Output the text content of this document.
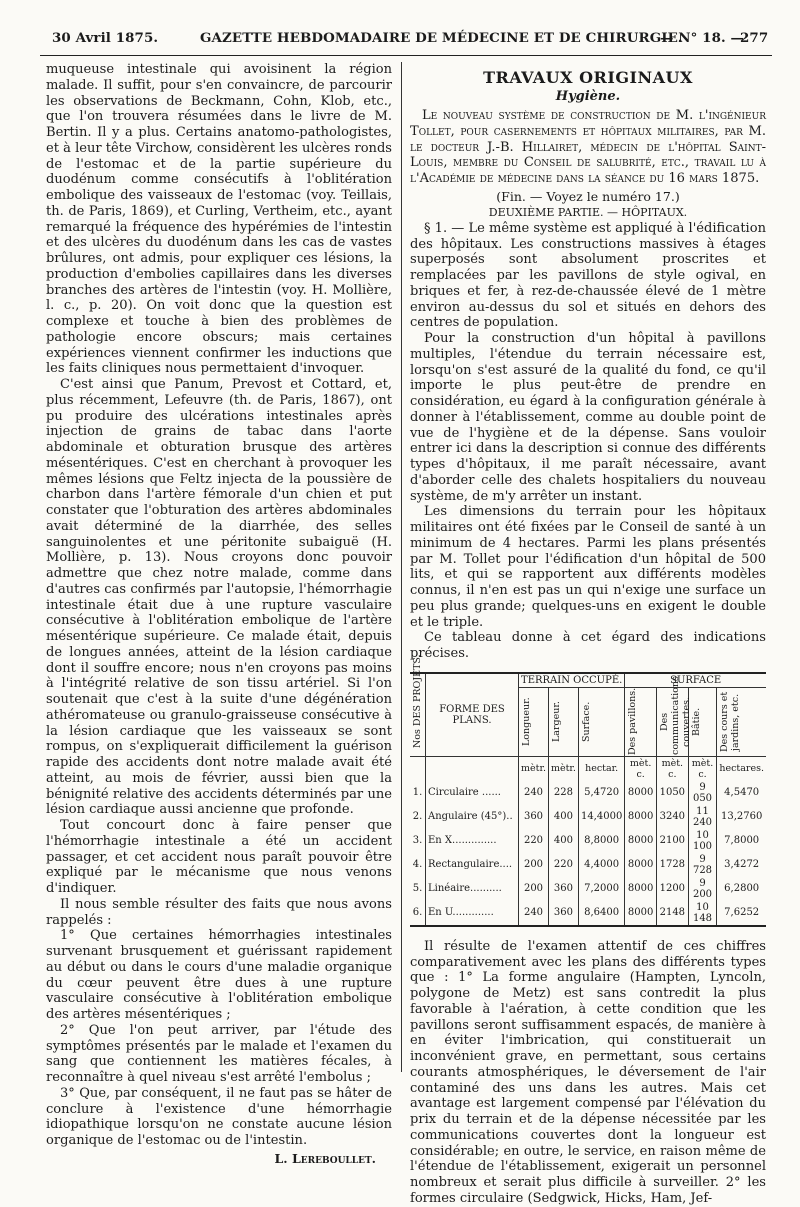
30 Avril 1875.	GAZETTE HEBDOMADAIRE DE MÉDECINE ET DE CHIRURGIE.
— N° 18. —
277

muqueuse intestinale qui avoisinent la région malade. Il suffit, pour s'en convaincre, de parcourir les observations de Beckmann, Cohn, Klob, etc., que l'on trouvera résumées dans le livre de M. Bertin. Il y a plus. Certains anatomo-pathologistes, et à leur tête Virchow, considèrent les ulcères ronds de l'estomac et de la partie supérieure du duodénum comme consécutifs à l'oblitération embolique des vaisseaux de l'estomac (voy. Teillais, th. de Paris, 1869), et Curling, Vertheim, etc., ayant remarqué la fréquence des hypérémies de l'intestin et des ulcères du duodénum dans les cas de vastes brûlures, ont admis, pour expliquer ces lésions, la production d'embolies capillaires dans les diverses branches des artères de l'intestin (voy. H. Mollière, l. c., p. 20). On voit donc que la question est complexe et touche à bien des problèmes de pathologie encore obscurs; mais certaines expériences viennent confirmer les inductions que les faits cliniques nous permettaient d'invoquer.

C'est ainsi que Panum, Prevost et Cottard, et, plus récemment, Lefeuvre (th. de Paris, 1867), ont pu produire des ulcérations intestinales après injection de grains de tabac dans l'aorte abdominale et obturation brusque des artères mésentériques. C'est en cherchant à provoquer les mêmes lésions que Feltz injecta de la poussière de charbon dans l'artère fémorale d'un chien et put constater que l'obturation des artères abdominales avait déterminé de la diarrhée, des selles sanguinolentes et une péritonite subaiguë (H. Mollière, p. 13). Nous croyons donc pouvoir admettre que chez notre malade, comme dans d'autres cas confirmés par l'autopsie, l'hémorrhagie intestinale était due à une rupture vasculaire consécutive à l'oblitération embolique de l'artère mésentérique supérieure. Ce malade était, depuis de longues années, atteint de la lésion cardiaque dont il souffre encore; nous n'en croyons pas moins à l'intégrité relative de son tissu artériel. Si l'on soutenait que c'est à la suite d'une dégénération athéromateuse ou granulo-graisseuse consécutive à la lésion cardiaque que les vaisseaux se sont rompus, on s'expliquerait difficilement la guérison rapide des accidents dont notre malade avait été atteint, au mois de février, aussi bien que la bénignité relative des accidents déterminés par une lésion cardiaque aussi ancienne que profonde.

Tout concourt donc à faire penser que l'hémorrhagie intestinale a été un accident passager, et cet accident nous paraît pouvoir être expliqué par le mécanisme que nous venons d'indiquer.

Il nous semble résulter des faits que nous avons rappelés :

1° Que certaines hémorrhagies intestinales survenant brusquement et guérissant rapidement au début ou dans le cours d'une maladie organique du cœur peuvent être dues à une rupture vasculaire consécutive à l'oblitération embolique des artères mésentériques ;

2° Que l'on peut arriver, par l'étude des symptômes présentés par le malade et l'examen du sang que contiennent les matières fécales, à reconnaître à quel niveau s'est arrêté l'embolus ;

3° Que, par conséquent, il ne faut pas se hâter de conclure à l'existence d'une hémorrhagie idiopathique lorsqu'on ne constate aucune lésion organique de l'estomac ou de l'intestin.

L. Lereboullet.
TRAVAUX ORIGINAUX
Hygiène.

Le nouveau système de construction de M. l'ingénieur Tollet, pour casernements et hôpitaux militaires, par M. le docteur J.-B. Hillairet, médecin de l'hôpital Saint-Louis, membre du Conseil de salubrité, etc., travail lu à l'Académie de médecine dans la séance du 16 mars 1875.

(Fin. — Voyez le numéro 17.)
DEUXIÈME PARTIE. — HÔPITAUX.

§ 1. — Le même système est appliqué à l'édification des hôpitaux. Les constructions massives à étages superposés sont absolument proscrites et remplacées par les pavillons de style ogival, en briques et fer, à rez-de-chaussée élevé de 1 mètre environ au-dessus du sol et situés en dehors des centres de population.

Pour la construction d'un hôpital à pavillons multiples, l'étendue du terrain nécessaire est, lorsqu'on s'est assuré de la qualité du fond, ce qu'il importe le plus peut-être de prendre en considération, eu égard à la configuration générale à donner à l'établissement, comme au double point de vue de l'hygiène et de la dépense. Sans vouloir entrer ici dans la description si connue des différents types d'hôpitaux, il me paraît nécessaire, avant d'aborder celle des chalets hospitaliers du nouveau système, de m'y arrêter un instant.

Les dimensions du terrain pour les hôpitaux militaires ont été fixées par le Conseil de santé à un minimum de 4 hectares. Parmi les plans présentés par M. Tollet pour l'édification d'un hôpital de 500 lits, et qui se rapportent aux différents modèles connus, il n'en est pas un qui n'exige une surface un peu plus grande; quelques-uns en exigent le double et le triple.

Ce tableau donne à cet égard des indications précises.

Nos DES PROJETS.	FORME DES PLANS.	TERRAIN OCCUPÉ.			SURFACE			

		Longueur.	Largeur.	Surface.	Des pavillons.	Des communications couvertes.	Bâtie.	Des cours et jardins, etc.

		mètr.	mètr.	hectar.	mèt. c.	mèt. c.	mèt. c.	hectares.
1.	Circulaire ......	240	228	5,4720	8000	1050	9 050	4,5470
2.	Angulaire (45°)..	360	400	14,4000	8000	3240	11 240	13,2760
3.	En X..............	220	400	8,8000	8000	2100	10 100	7,8000
4.	Rectangulaire....	200	220	4,4000	8000	1728	9 728	3,4272
5.	Linéaire..........	200	360	7,2000	8000	1200	9 200	6,2800
6.	En U.............	240	360	8,6400	8000	2148	10 148	7,6252

Il résulte de l'examen attentif de ces chiffres comparativement avec les plans des différents types que : 1° La forme angulaire (Hampten, Lyncoln, polygone de Metz) est sans contredit la plus favorable à l'aération, à cette condition que les pavillons seront suffisamment espacés, de manière à en éviter l'imbrication, qui constituerait un inconvénient grave, en permettant, sous certains courants atmosphériques, le déversement de l'air contaminé des uns dans les autres. Mais cet avantage est largement compensé par l'élévation du prix du terrain et de la dépense nécessitée par les communications couvertes dont la longueur est considérable; en outre, le service, en raison même de l'étendue de l'établissement, exigerait un personnel nombreux et serait plus difficile à surveiller. 2° les formes circulaire (Sedgwick, Hicks, Ham, Jef-
